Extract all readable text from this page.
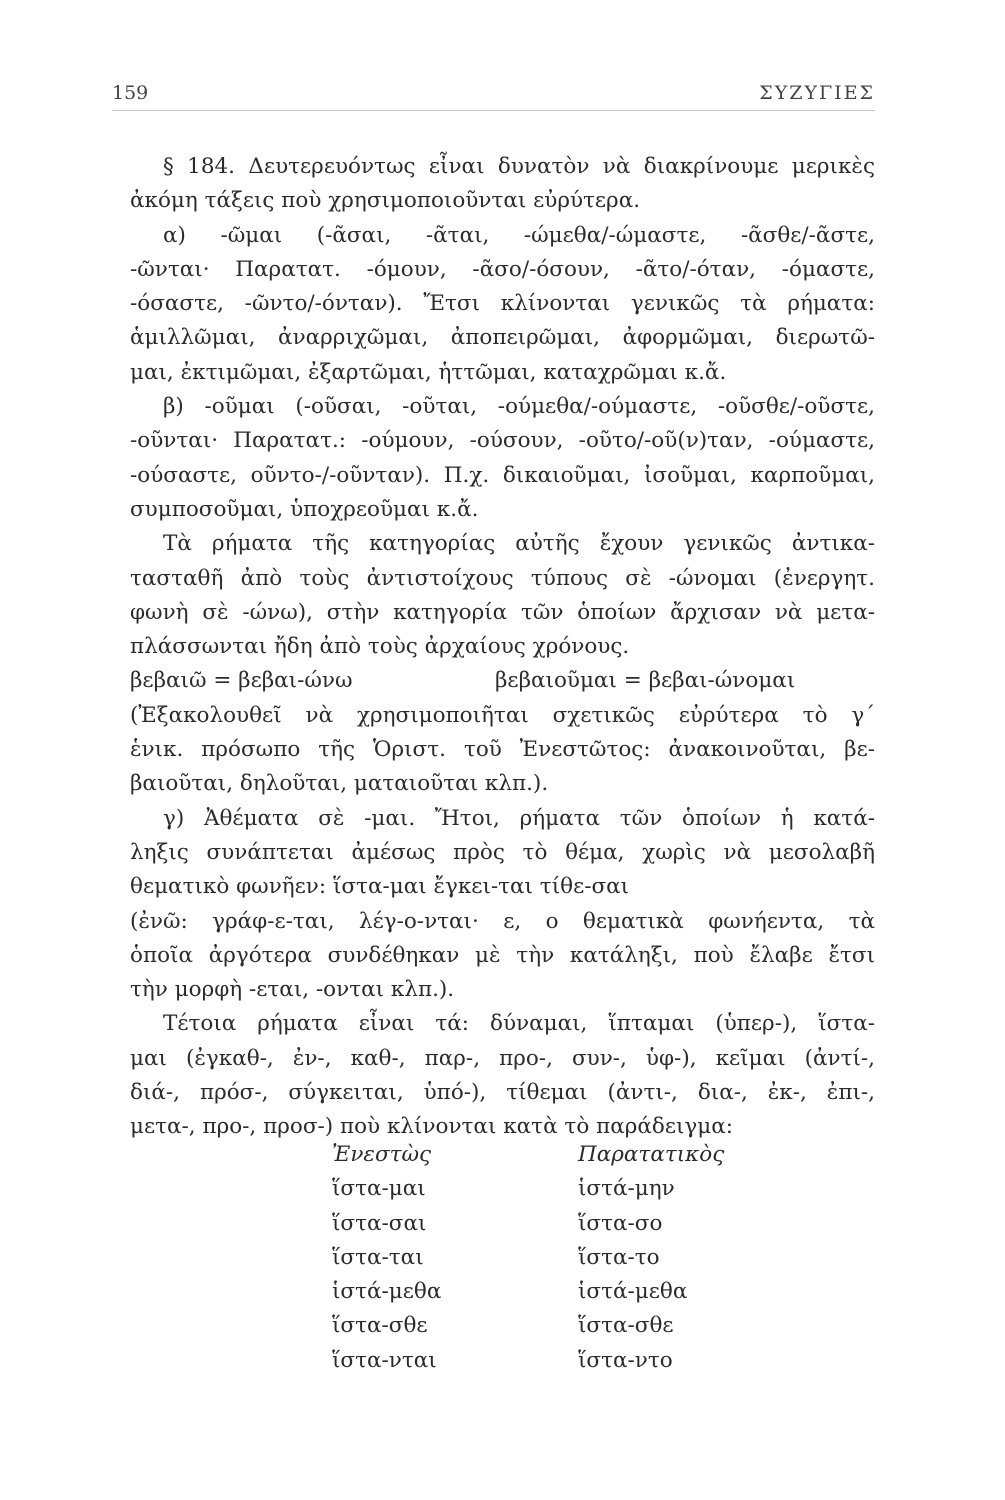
159	ΣΥΖΥΓΙΕΣ

§ 184. Δευτερευόντως εἶναι δυνατὸν νὰ διακρίνουμε μερικὲς

ἀκόμη τάξεις ποὺ χρησιμοποιοῦνται εὐρύτερα.

α) -ῶμαι (-ᾶσαι, -ᾶται, -ώμεθα/-ώμαστε, -ᾶσθε/-ᾶστε,

-ῶνται· Παρατατ. -όμουν, -ᾶσο/-όσουν, -ᾶτο/-όταν, -όμαστε,

-όσαστε, -ῶντο/-όνταν). Ἔτσι κλίνονται γενικῶς τὰ ρήματα:

ἁμιλλῶμαι, ἀναρριχῶμαι, ἀποπειρῶμαι, ἀφορμῶμαι, διερωτῶ-

μαι, ἐκτιμῶμαι, ἐξαρτῶμαι, ἡττῶμαι, καταχρῶμαι κ.ἄ.

β) -οῦμαι (-οῦσαι, -οῦται, -ούμεθα/-ούμαστε, -οῦσθε/-οῦστε,

-οῦνται· Παρατατ.: -ούμουν, -ούσουν, -οῦτο/-οῦ(ν)ταν, -ούμαστε,

-ούσαστε, οῦντο-/-οῦνταν). Π.χ. δικαιοῦμαι, ἰσοῦμαι, καρποῦμαι,

συμποσοῦμαι, ὑποχρεοῦμαι κ.ἄ.

Τὰ ρήματα τῆς κατηγορίας αὐτῆς ἔχουν γενικῶς ἀντικα-

τασταθῆ ἀπὸ τοὺς ἀντιστοίχους τύπους σὲ -ώνομαι (ἐνεργητ.

φωνὴ σὲ -ώνω), στὴν κατηγορία τῶν ὁποίων ἄρχισαν νὰ μετα-

πλάσσωνται ἤδη ἀπὸ τοὺς ἀρχαίους χρόνους.

βεβαιῶ = βεβαι-ώνω	βεβαιοῦμαι = βεβαι-ώνομαι

(Ἐξακολουθεῖ νὰ χρησιμοποιῆται σχετικῶς εὐρύτερα τὸ γ΄

ἑνικ. πρόσωπο τῆς Ὁριστ. τοῦ Ἐνεστῶτος: ἀνακοινοῦται, βε-

βαιοῦται, δηλοῦται, ματαιοῦται κλπ.).

γ) Ἀθέματα σὲ -μαι. Ἤτοι, ρήματα τῶν ὁποίων ἡ κατά-

ληξις συνάπτεται ἀμέσως πρὸς τὸ θέμα, χωρὶς νὰ μεσολαβῆ

θεματικὸ φωνῆεν: ἵστα-μαι ἔγκει-ται τίθε-σαι

(ἐνῶ: γράφ-ε-ται, λέγ-ο-νται· ε, ο θεματικὰ φωνήεντα, τὰ

ὁποῖα ἀργότερα συνδέθηκαν μὲ τὴν κατάληξι, ποὺ ἔλαβε ἔτσι

τὴν μορφὴ -εται, -ονται κλπ.).

Τέτοια ρήματα εἶναι τά: δύναμαι, ἵπταμαι (ὑπερ-), ἵστα-

μαι (ἐγκαθ-, ἐν-, καθ-, παρ-, προ-, συν-, ὑφ-), κεῖμαι (ἀντί-,

διά-, πρόσ-, σύγκειται, ὑπό-), τίθεμαι (ἀντι-, δια-, ἐκ-, ἐπι-,

μετα-, προ-, προσ-) ποὺ κλίνονται κατὰ τὸ παράδειγμα:

Ἐνεστὼς	Παρατατικὸς
ἵστα-μαι	ἱστά-μην
ἵστα-σαι	ἵστα-σο
ἵστα-ται	ἵστα-το
ἱστά-μεθα	ἱστά-μεθα
ἵστα-σθε	ἵστα-σθε
ἵστα-νται	ἵστα-ντο
